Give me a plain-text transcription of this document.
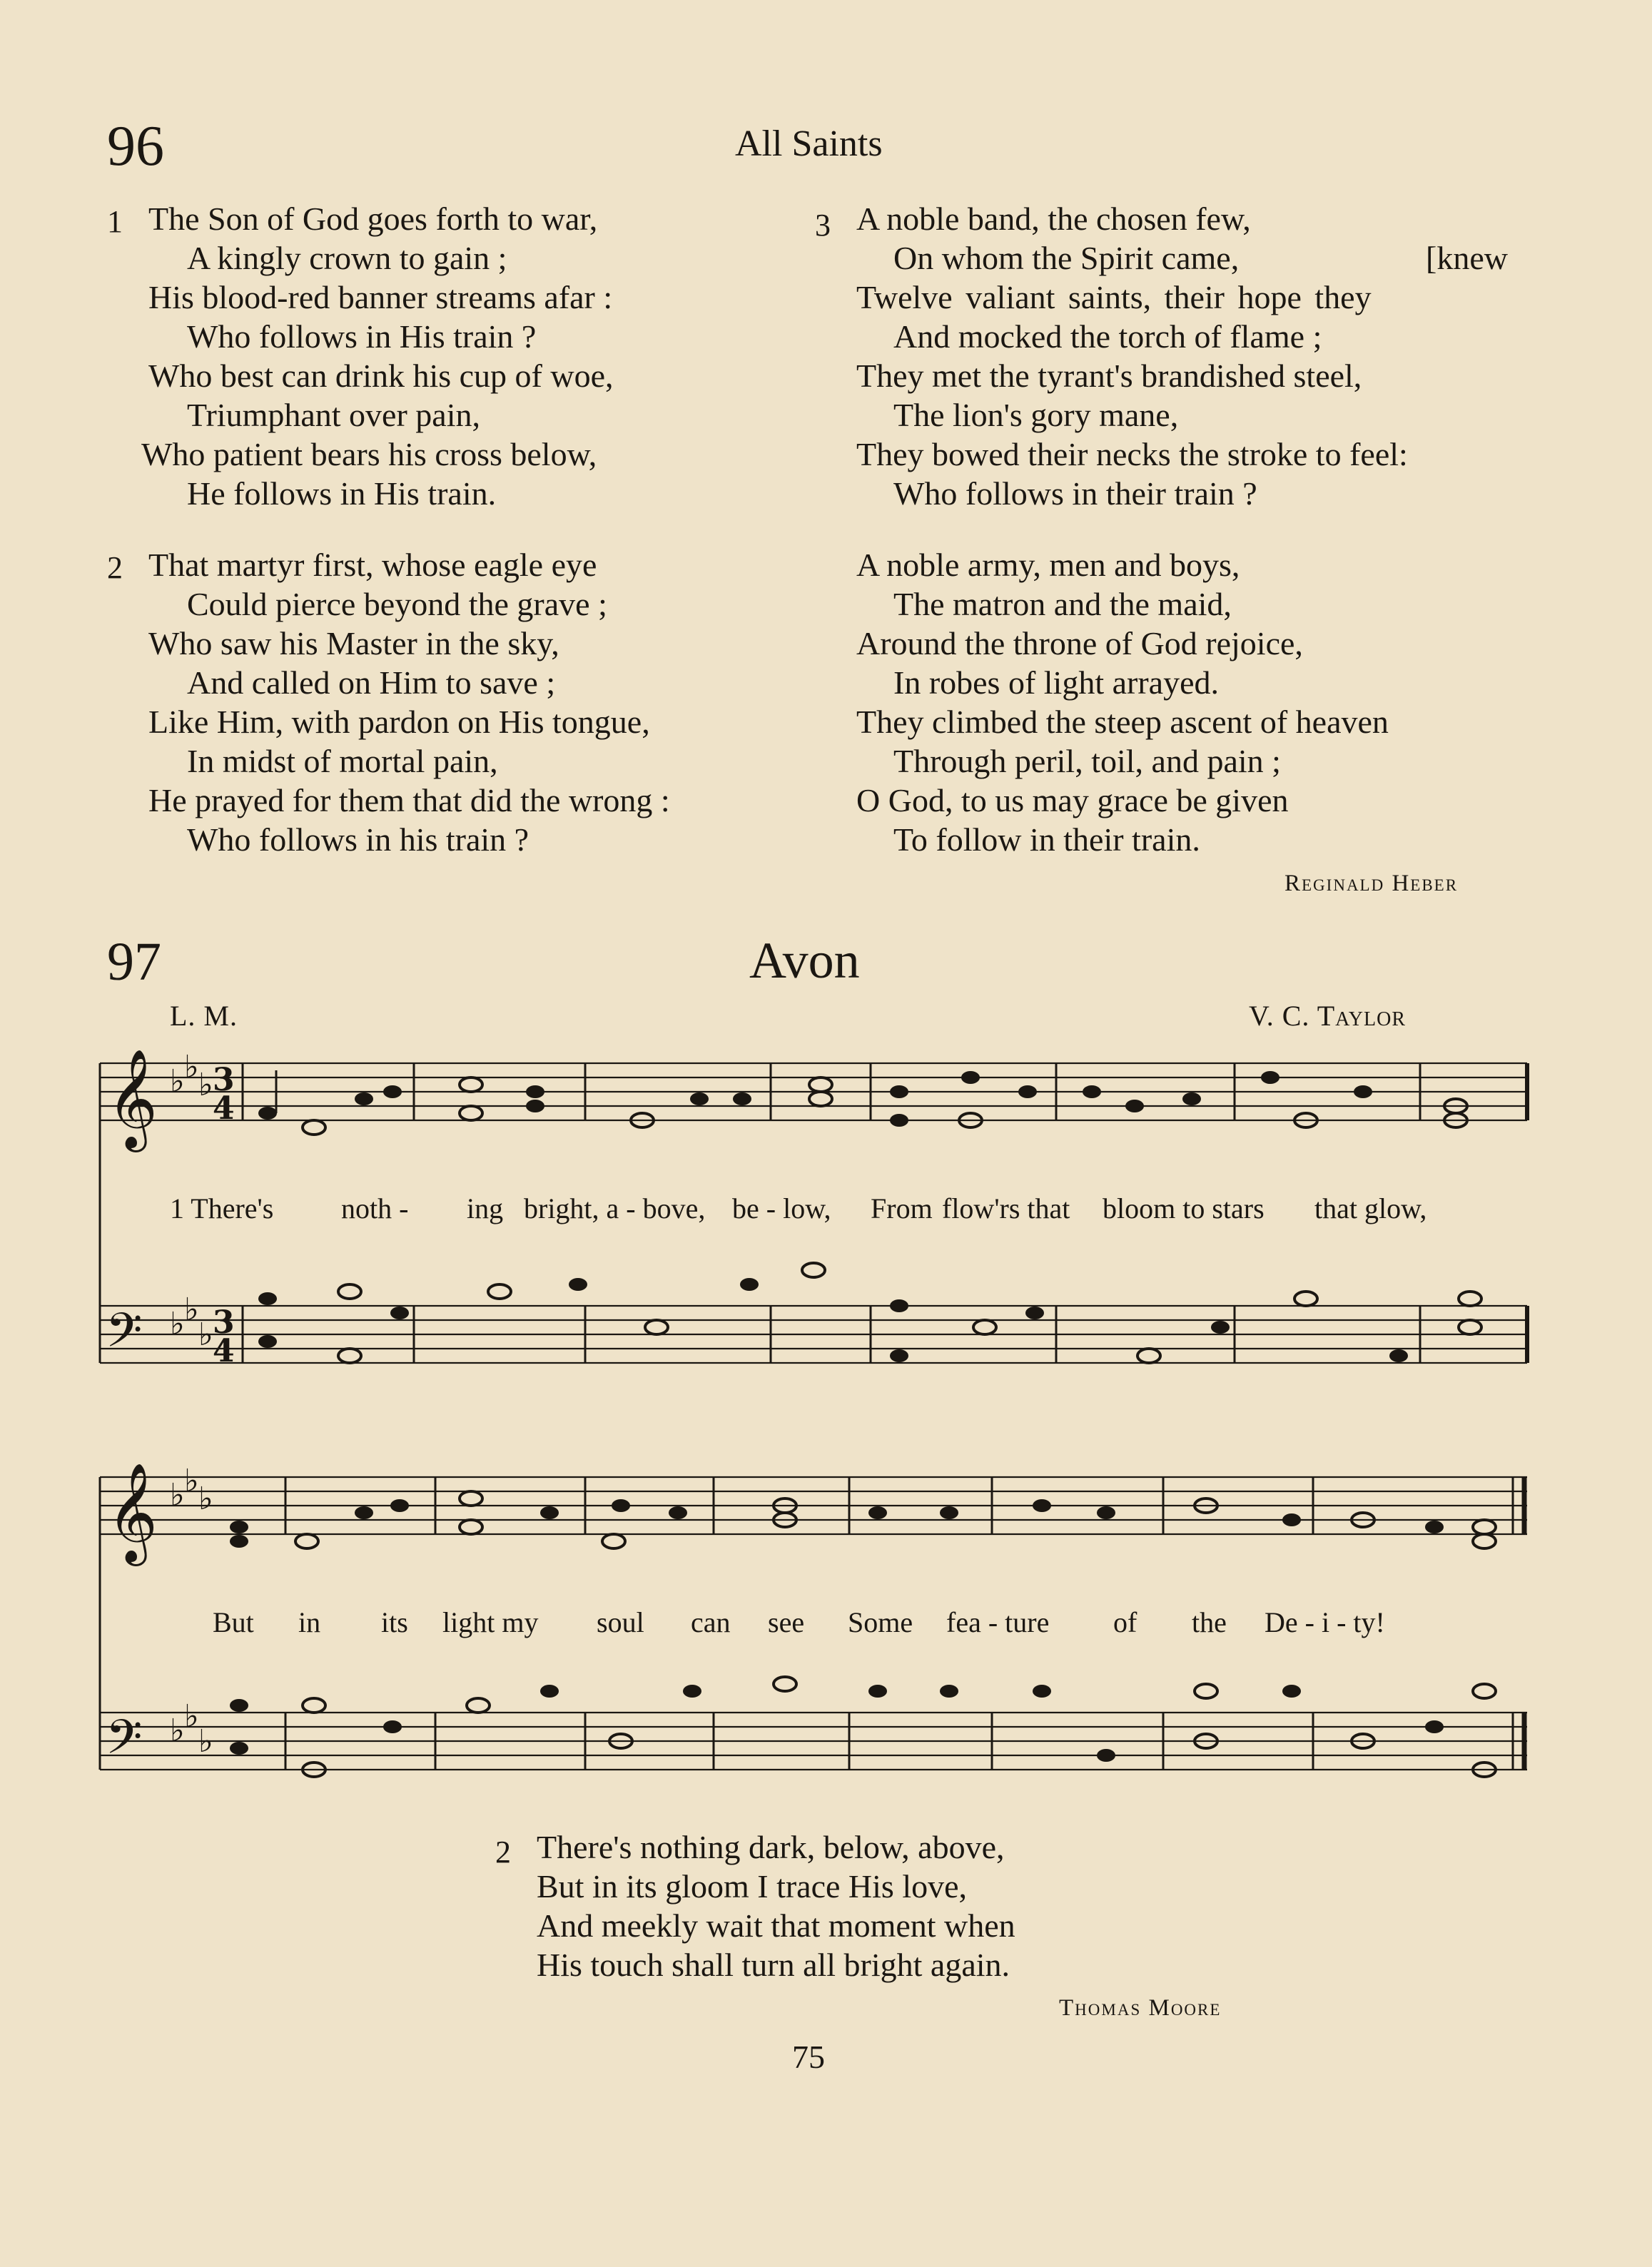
96	All Saints
1 The Son of God goes forth to war,
A kingly crown to gain ;
His blood-red banner streams afar :
Who follows in His train ?
Who best can drink his cup of woe,
Triumphant over pain,
Who patient bears his cross below,
He follows in His train.
2 That martyr first, whose eagle eye
Could pierce beyond the grave ;
Who saw his Master in the sky,
And called on Him to save ;
Like Him, with pardon on His tongue,
In midst of mortal pain,
He prayed for them that did the wrong :
Who follows in his train ?
3 A noble band, the chosen few,
On whom the Spirit came,	[knew
Twelve valiant saints, their hope they
And mocked the torch of flame ;
They met the tyrant's brandished steel,
The lion's gory mane,
They bowed their necks the stroke to feel:
Who follows in their train ?
A noble army, men and boys,
The matron and the maid,
Around the throne of God rejoice,
In robes of light arrayed.
They climbed the steep ascent of heaven
Through peril, toil, and pain ;
O God, to us may grace be given
To follow in their train.
Reginald Heber
97	Avon
L. M.	V. C. Taylor
𝄞 ♭ ♭ ♭ 3
4
𝄢 ♭ ♭
♭ 3
4
1 There's noth - ing bright, a - bove, be - low, From flow'rs that bloom to stars that glow,
𝄞 ♭ ♭ ♭
𝄢 ♭ ♭
♭
But in its light my soul can see Some fea - ture of the De - i - ty!
2 There's nothing dark, below, above,
But in its gloom I trace His love,
And meekly wait that moment when
His touch shall turn all bright again.
Thomas Moore
75
